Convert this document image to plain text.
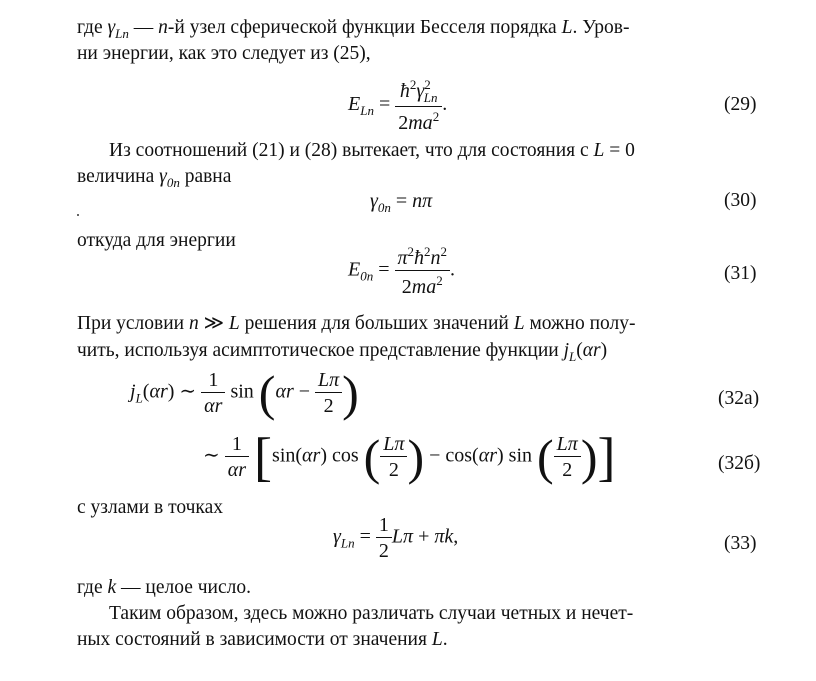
где $\gamma_{Ln}$ — n-й узел сферической функции Бесселя порядка L. Уров-
ни энергии, как это следует из (25),
$E_{Ln} = \frac{ħ^2\gamma^2_{Ln}}{2ma^2}$ .	(29)
Из соотношений (21) и (28) вытекает, что для состояния с L = 0
величина $\gamma_{0n}$ равна
$\gamma_{0n} = n\pi$	(30)
откуда для энергии
$E_{0n} = \frac{\pi^2ħ^2n^2}{2ma^2}$ .	(31)
При условии n ≫ L решения для больших значений L можно полу-
чить, используя асимптотическое представление функции $j_L(\alpha r)$
$j_L(\alpha r)$ ∼ $\frac{1}{\alpha r}$ $\sin (\alpha r - \frac{L\pi}{2}$ )	(32а)
∼ $\frac{1}{\alpha r} [\sin(\alpha r)$ cos ( $\frac{L\pi}{2}$ ) − cos(αr) sin ( $\frac{L\pi}{2}$ )]	(32б)
с узлами в точках
$\gamma_{Ln} = \frac{1}{2}$ Lπ + πk,	(33)
где k — целое число.
Таким образом, здесь можно различать случаи четных и нечет-
ных состояний в зависимости от значения L.
